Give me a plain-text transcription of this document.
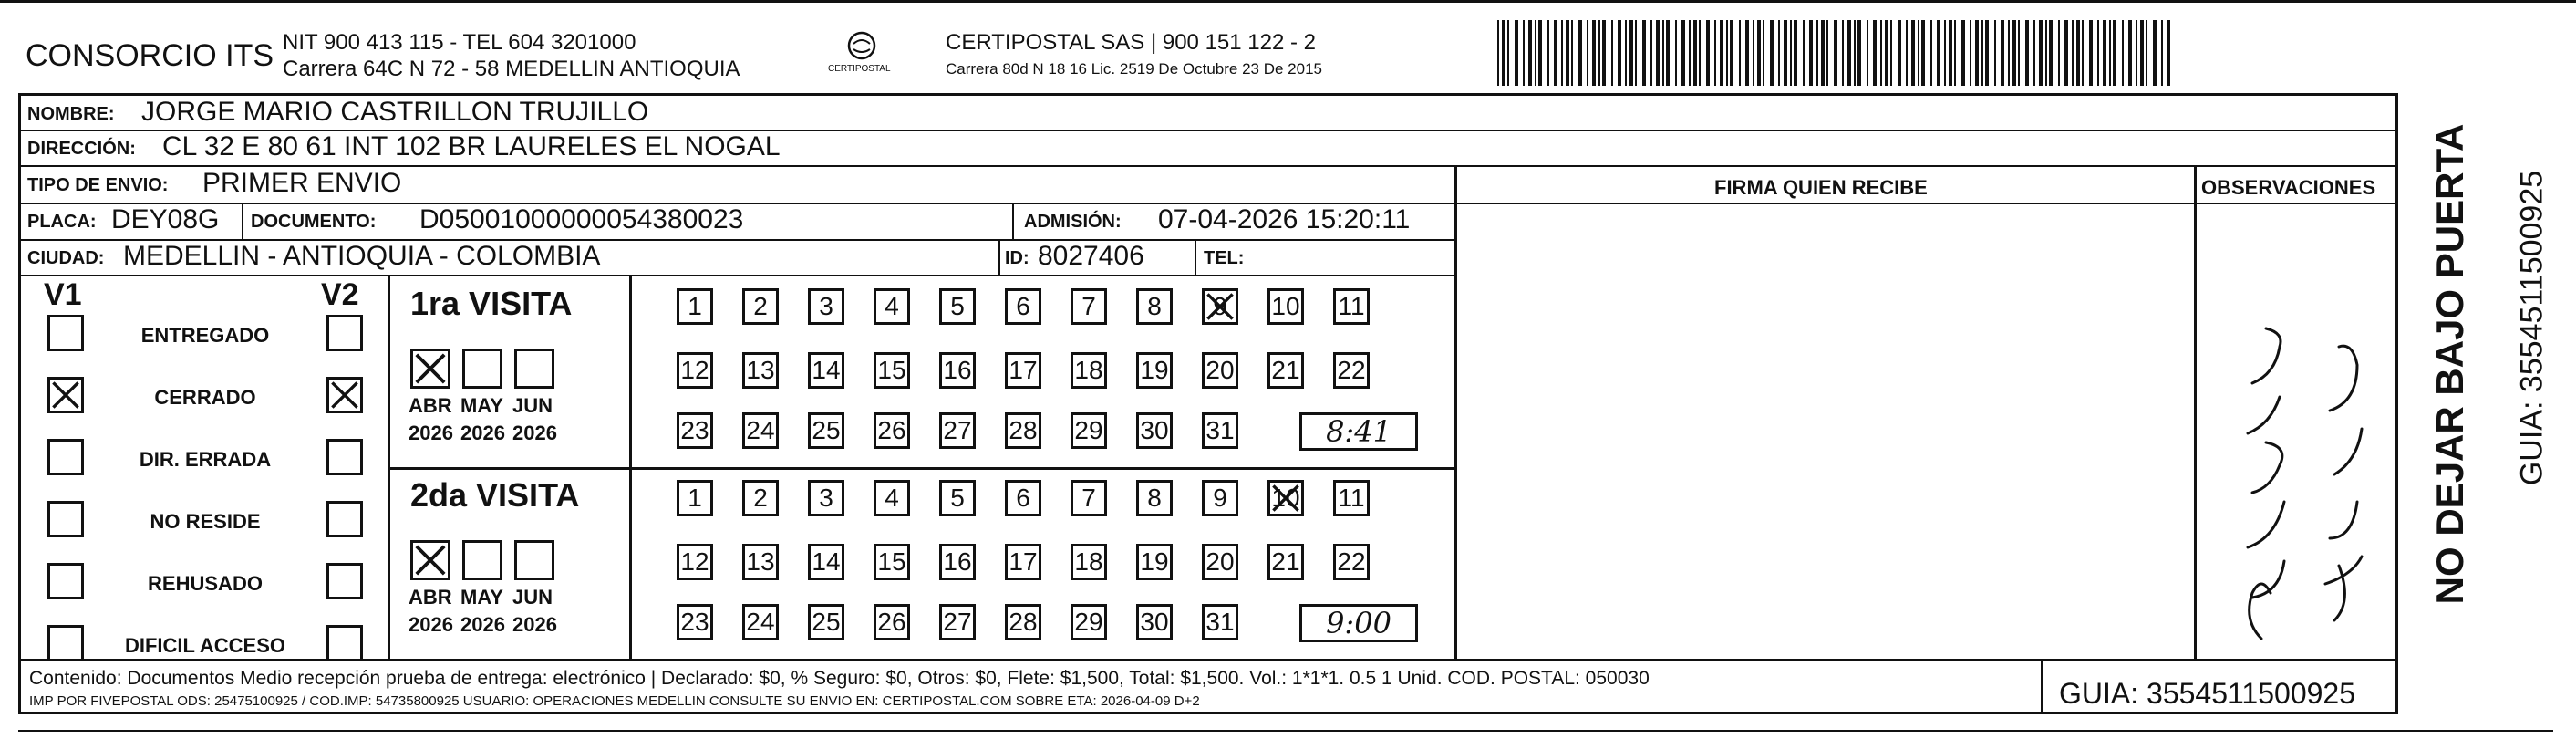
CONSORCIO ITS NIT 900 413 115 - TEL 604 3201000
Carrera 64C N 72 - 58 MEDELLIN ANTIOQUIA	CERTIPOSTAL
CERTIPOSTAL SAS | 900 151 122 - 2
Carrera 80d N 18 16 Lic. 2519 De Octubre 23 De 2015
NOMBRE: JORGE MARIO CASTRILLON TRUJILLO
DIRECCIÓN: CL 32 E 80 61 INT 102 BR LAURELES EL NOGAL
TIPO DE ENVIO: PRIMER ENVIO
PLACA: DEY08G DOCUMENTO: D05001000000054380023	ADMISIÓN: 07-04-2026 15:20:11
CIUDAD: MEDELLIN - ANTIOQUIA - COLOMBIA	ID: 8027406	TEL:
FIRMA QUIEN RECIBE	OBSERVACIONES
V1	V2
ENTREGADO
CERRADO
DIR. ERRADA
NO RESIDE
REHUSADO
DIFICIL ACCESO
1ra VISITA
2da VISITA
ABR
2026
MAY
2026
JUN
2026
1 2 3 4 5 6 7 8 9 10 11
12 13 14 15 16 17 18 19 20 21 22
23 24 25 26 27 28 29 30 31	8:41
ABR
2026
MAY
2026
JUN
2026
1 2 3 4 5 6 7 8 9 10 11
12 13 14 15 16 17 18 19 20 21 22
23 24 25 26 27 28 29 30 31	9:00
NO DEJAR BAJO PUERTA GUIA: 3554511500925
Contenido: Documentos Medio recepción prueba de entrega: electrónico | Declarado: $0, % Seguro: $0, Otros: $0, Flete: $1,500, Total: $1,500. Vol.: 1*1*1. 0.5 1 Unid. COD. POSTAL: 050030
IMP POR FIVEPOSTAL ODS: 25475100925 / COD.IMP: 54735800925 USUARIO: OPERACIONES MEDELLIN CONSULTE SU ENVIO EN: CERTIPOSTAL.COM SOBRE ETA: 2026-04-09 D+2	GUIA: 3554511500925
